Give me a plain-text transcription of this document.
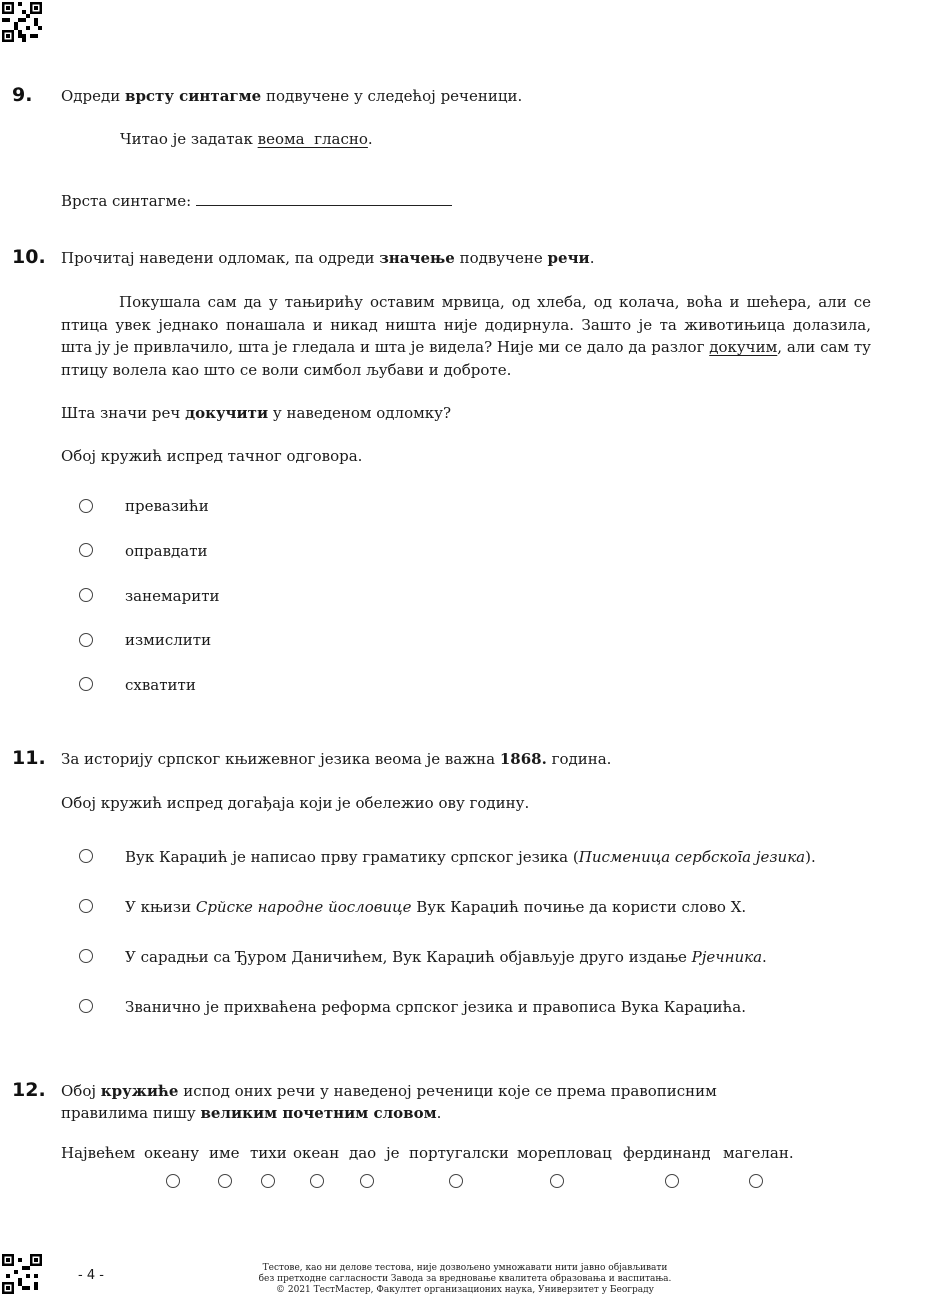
9. Одреди врсту синтагме подвучене у следећој реченици.
Читао је задатак веома  гласно.
Врста синтагме:
10. Прочитај наведени одломак, па одреди значење подвучене речи.
Покушала сам да у тањирићу оставим мрвица, од хлеба, од колача, воћа и шећера, али се птица увек једнако понашала и никад ништа није додирнула. Зашто је та животињица долазила, шта ју је привлачило, шта је гледала и шта је видела? Није ми се дало да разлог докучим, али сам ту птицу волела као што се воли симбол љубави и доброте.
Шта значи реч докучити у наведеном одломку?
Обој кружић испред тачног одговора.
превазићи
оправдати
занемарити
измислити
схватити
11. За историју српског књижевног језика веома је важна 1868. година.
Обој кружић испред догађаја који је обележио ову годину.
Вук Караџић је написао прву граматику српског језика (Писменица сербскоīа језика).
У књизи Срйске народне йословице Вук Караџић почиње да користи слово Х.
У сарадњи са Ђуром Даничићем, Вук Караџић објављује друго издање Рјечника.
Званично је прихваћена реформа српског језика и правописа Вука Караџића.
12. Обој кружиће испод оних речи у наведеној реченици које се према правописним
правилима пишу великим почетним словом.
Највећем океану име тихи океан дао је португалски морепловац фердинанд магелан.
- 4 -	Тестове, као ни делове тестова, није дозвољено умножавати нити јавно објављивати
без претходне сагласности Завода за вредновање квалитета образовања и васпитања.
© 2021 ТестМастер, Факултет организационих наука, Универзитет у Београду
